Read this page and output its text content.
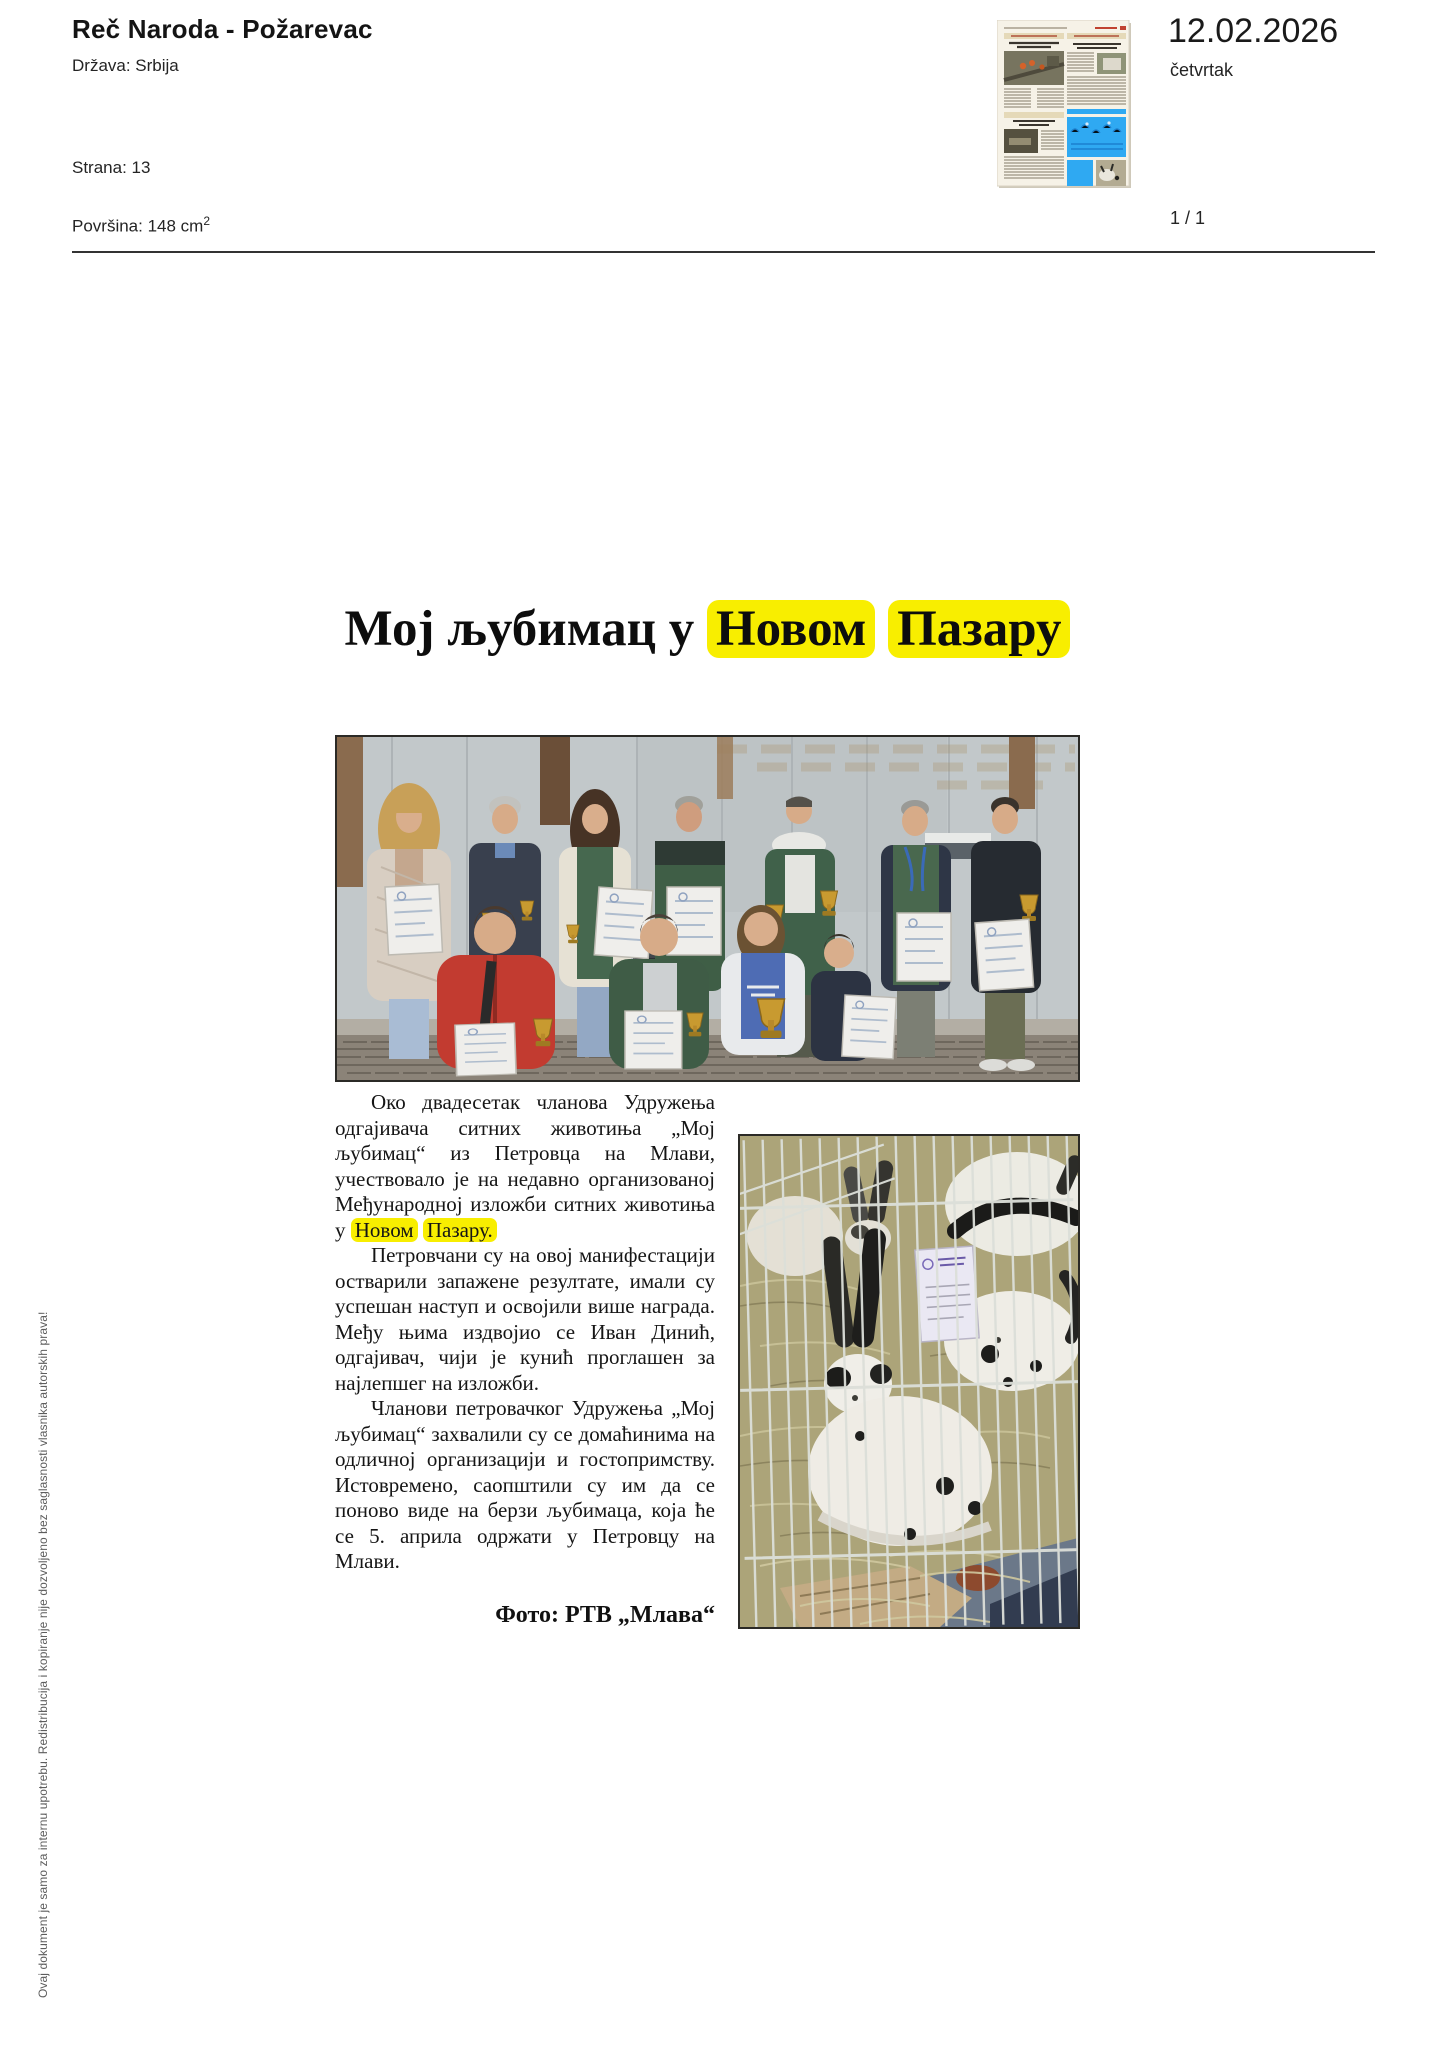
Reč Naroda - Požarevac
Država: Srbija
Strana: 13
Površina: 148 $cm^2$
12.02.2026
četvrtak
1 / 1
Мој љубимац у Новом Пазару

Око двадесетак чланова Удружења одгајивача ситних животиња „Мој љубимац“ из Петровца на Млави, учествовало је на недавно организованој Међународној изложби ситних животиња у Новом Пазару.

Петровчани су на овој манифестацији остварили запажене резултате, имали су успешан наступ и освојили више награда. Међу њима издвојио се Иван Динић, одгајивач, чији је кунић проглашен за најлепшег на изложби.

Чланови петровачког Удружења „Мој љубимац“ захвалили су се домаћинима на одличној организацији и гостопримству. Истовремено, саопштили су им да се поново виде на берзи љубимаца, која ће се 5. априла одржати у Петровцу на Млави.

Фото: РТВ „Млава“
Ovaj dokument je samo za internu upotrebu. Redistribucija i kopiranje nije dozvoljeno bez saglasnosti vlasnika autorskih prava!
